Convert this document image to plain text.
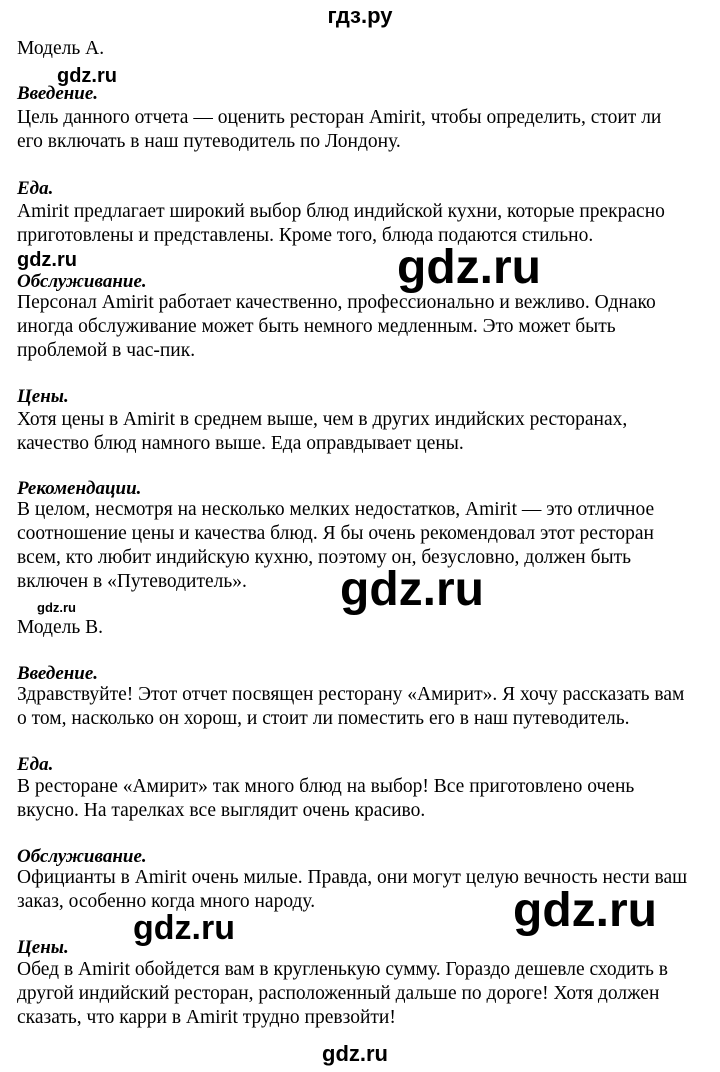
гдз.ру
Модель А.
Введение.
Цель данного отчета — оценить ресторан Amirit, чтобы определить, стоит ли
его включать в наш путеводитель по Лондону.
Еда.
Amirit предлагает широкий выбор блюд индийской кухни, которые прекрасно
приготовлены и представлены. Кроме того, блюда подаются стильно.
Обслуживание.
Персонал Amirit работает качественно, профессионально и вежливо. Однако
иногда обслуживание может быть немного медленным. Это может быть
проблемой в час-пик.
Цены.
Хотя цены в Amirit в среднем выше, чем в других индийских ресторанах,
качество блюд намного выше. Еда оправдывает цены.
Рекомендации.
В целом, несмотря на несколько мелких недостатков, Amirit — это отличное
соотношение цены и качества блюд. Я бы очень рекомендовал этот ресторан
всем, кто любит индийскую кухню, поэтому он, безусловно, должен быть
включен в «Путеводитель».
Модель В.
Введение.
Здравствуйте! Этот отчет посвящен ресторану «Амирит». Я хочу рассказать вам
о том, насколько он хорош, и стоит ли поместить его в наш путеводитель.
Еда.
В ресторане «Амирит» так много блюд на выбор! Все приготовлено очень
вкусно. На тарелках все выглядит очень красиво.
Обслуживание.
Официанты в Amirit очень милые. Правда, они могут целую вечность нести ваш
заказ, особенно когда много народу.
Цены.
Обед в Amirit обойдется вам в кругленькую сумму. Гораздо дешевле сходить в
другой индийский ресторан, расположенный дальше по дороге! Хотя должен
сказать, что карри в Amirit трудно превзойти!
gdz.ru
gdz.ru	gdz.ru
gdz.ru
gdz.ru
gdz.ru
gdz.ru
gdz.ru
